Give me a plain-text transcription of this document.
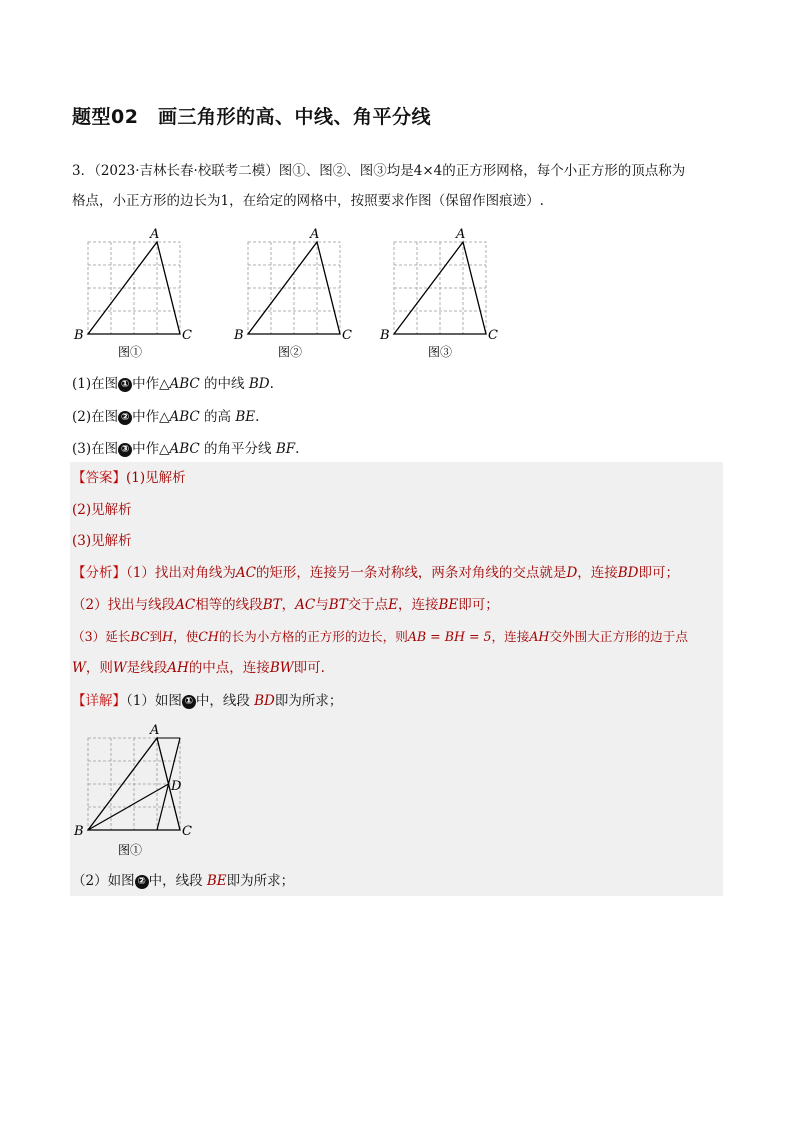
题型02　画三角形的高、中线、角平分线

3．（2023·吉林长春·校联考二模）图①、图②、图③均是4×4的正方形网格，每个小正方形的顶点称为

格点，小正方形的边长为1，在给定的网格中，按照要求作图（保留作图痕迹）.

A
B	C
图①
A
B	C
图②
A
B	C
图③
(1)在图 ① 中作△ABC 的中线 BD.
(2)在图 ② 中作△ABC 的高 BE.
(3)在图 ③ 中作△ABC 的角平分线 BF.
【答案】(1)见解析
(2)见解析
(3)见解析
【分析】（1）找出对角线为AC的矩形，连接另一条对称线，两条对角线的交点就是D，连接BD即可；
（2）找出与线段AC相等的线段BT，AC与BT交于点E，连接BE即可；
（3）延长BC到H，使CH的长为小方格的正方形的边长，则AB = BH = 5，连接AH交外围大正方形的边于点
W，则W是线段AH的中点，连接BW即可.
【详解】（1）如图 ① 中，线段 BD即为所求；
A
B	C
D
图①
（2）如图 ② 中，线段 BE即为所求；
